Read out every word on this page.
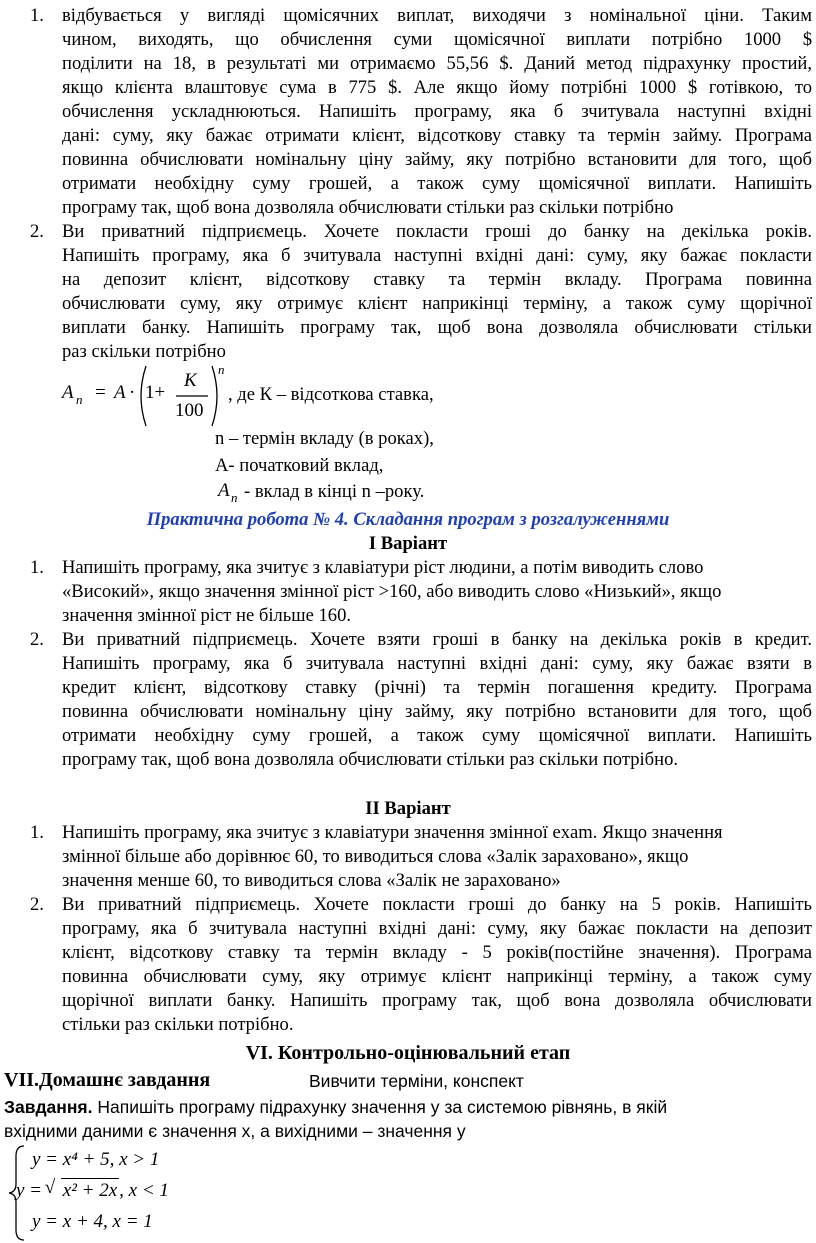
1. відбувається у вигляді щомісячних виплат, виходячи з номінальної ціни. Таким
чином, виходять, що обчислення суми щомісячної виплати потрібно 1000 $
поділити на 18, в результаті ми отримаємо 55,56 $. Даний метод підрахунку простий,
якщо клієнта влаштовує сума в 775 $. Але якщо йому потрібні 1000 $ готівкою, то
обчислення ускладнюються. Напишіть програму, яка б зчитувала наступні вхідні
дані: суму, яку бажає отримати клієнт, відсоткову ставку та термін займу. Програма
повинна обчислювати номінальну ціну займу, яку потрібно встановити для того, щоб
отримати необхідну суму грошей, а також суму щомісячної виплати. Напишіть
програму так, щоб вона дозволяла обчислювати стільки раз скільки потрібно
2. Ви приватний підприємець. Хочете покласти гроші до банку на декілька років.
Напишіть програму, яка б зчитувала наступні вхідні дані: суму, яку бажає покласти
на депозит клієнт, відсоткову ставку та термін вкладу. Програма повинна
обчислювати суму, яку отримує клієнт наприкінці терміну, а також суму щорічної
виплати банку. Напишіть програму так, щоб вона дозволяла обчислювати стільки
раз скільки потрібно
A n = A · 1+
K
100
n
, де К – відсоткова ставка,
n – термін вкладу (в роках),
А- початковий вклад,
A n - вклад в кінці n –року.
Практична робота № 4. Складання програм з розгалуженнями
І Варіант
1. Напишіть програму, яка зчитує з клавіатури ріст людини, а потім виводить слово
«Високий», якщо значення змінної ріст >160, або виводить слово «Низький», якщо
значення змінної ріст не більше 160.
2. Ви приватний підприємець. Хочете взяти гроші в банку на декілька років в кредит.
Напишіть програму, яка б зчитувала наступні вхідні дані: суму, яку бажає взяти в
кредит клієнт, відсоткову ставку (річні) та термін погашення кредиту. Програма
повинна обчислювати номінальну ціну займу, яку потрібно встановити для того, щоб
отримати необхідну суму грошей, а також суму щомісячної виплати. Напишіть
програму так, щоб вона дозволяла обчислювати стільки раз скільки потрібно.
ІІ Варіант
1. Напишіть програму, яка зчитує з клавіатури значення змінної exam. Якщо значення
змінної більше або дорівнює 60, то виводиться слова «Залік зараховано», якщо
значення менше 60, то виводиться слова «Залік не зараховано»
2. Ви приватний підприємець. Хочете покласти гроші до банку на 5 років. Напишіть
програму, яка б зчитувала наступні вхідні дані: суму, яку бажає покласти на депозит
клієнт, відсоткову ставку та термін вкладу - 5 років(постійне значення). Програма
повинна обчислювати суму, яку отримує клієнт наприкінці терміну, а також суму
щорічної виплати банку. Напишіть програму так, щоб вона дозволяла обчислювати
стільки раз скільки потрібно.
VI. Контрольно-оцінювальний етап
VII.Домашнє завдання	Вивчити терміни, конспект
Завдання. Напишіть програму підрахунку значення у за системою рівнянь, в якій
вхідними даними є значення х, а вихідними – значення у
y = x⁴ + 5, x > 1
y =
√ x² + 2x , x < 1
y = x + 4, x = 1
